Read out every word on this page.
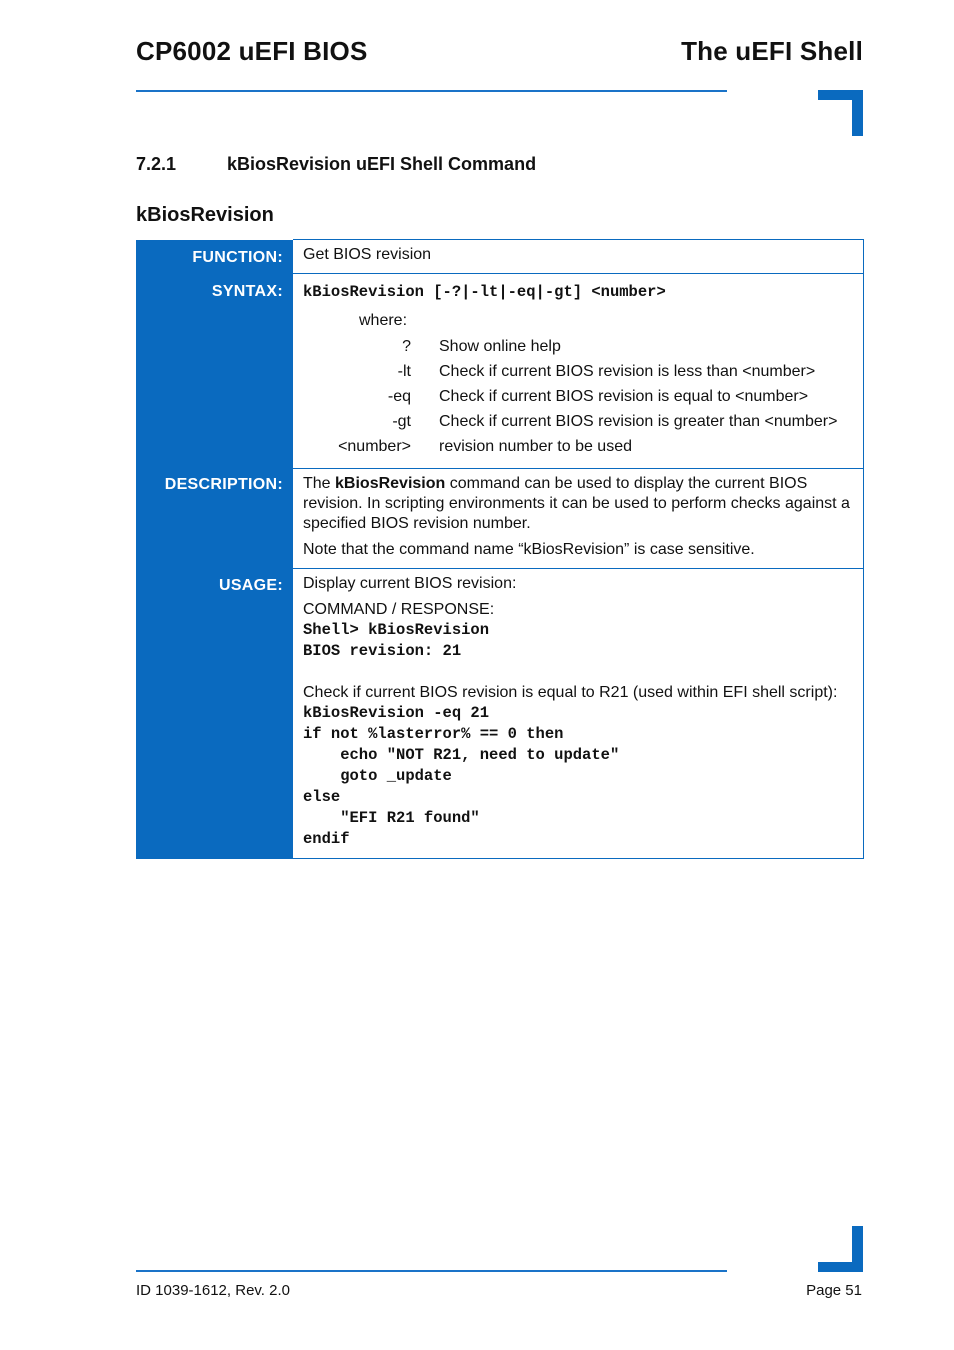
CP6002 uEFI BIOS	The uEFI Shell
7.2.1	kBiosRevision uEFI Shell Command
kBiosRevision
FUNCTION:	Get BIOS revision

SYNTAX:	kBiosRevision [-?|-lt|-eq|-gt] <number>
where:
?	Show online help
-lt	Check if current BIOS revision is less than <number>
-eq	Check if current BIOS revision is equal to <number>
-gt	Check if current BIOS revision is greater than <number>
<number>	revision number to be used

DESCRIPTION:	The kBiosRevision command can be used to display the current BIOS revision. In scripting environments it can be used to perform checks against a specified BIOS revision number.

Note that the command name “kBiosRevision” is case sensitive.

USAGE:	Display current BIOS revision:

COMMAND / RESPONSE:

Shell> kBiosRevision
BIOS revision: 21

Check if current BIOS revision is equal to R21 (used within EFI shell script):

kBiosRevision -eq 21
if not %lasterror% == 0 then
echo "NOT R21, need to update"
goto _update
else
"EFI R21 found"
endif
ID 1039-1612, Rev. 2.0	Page 51
